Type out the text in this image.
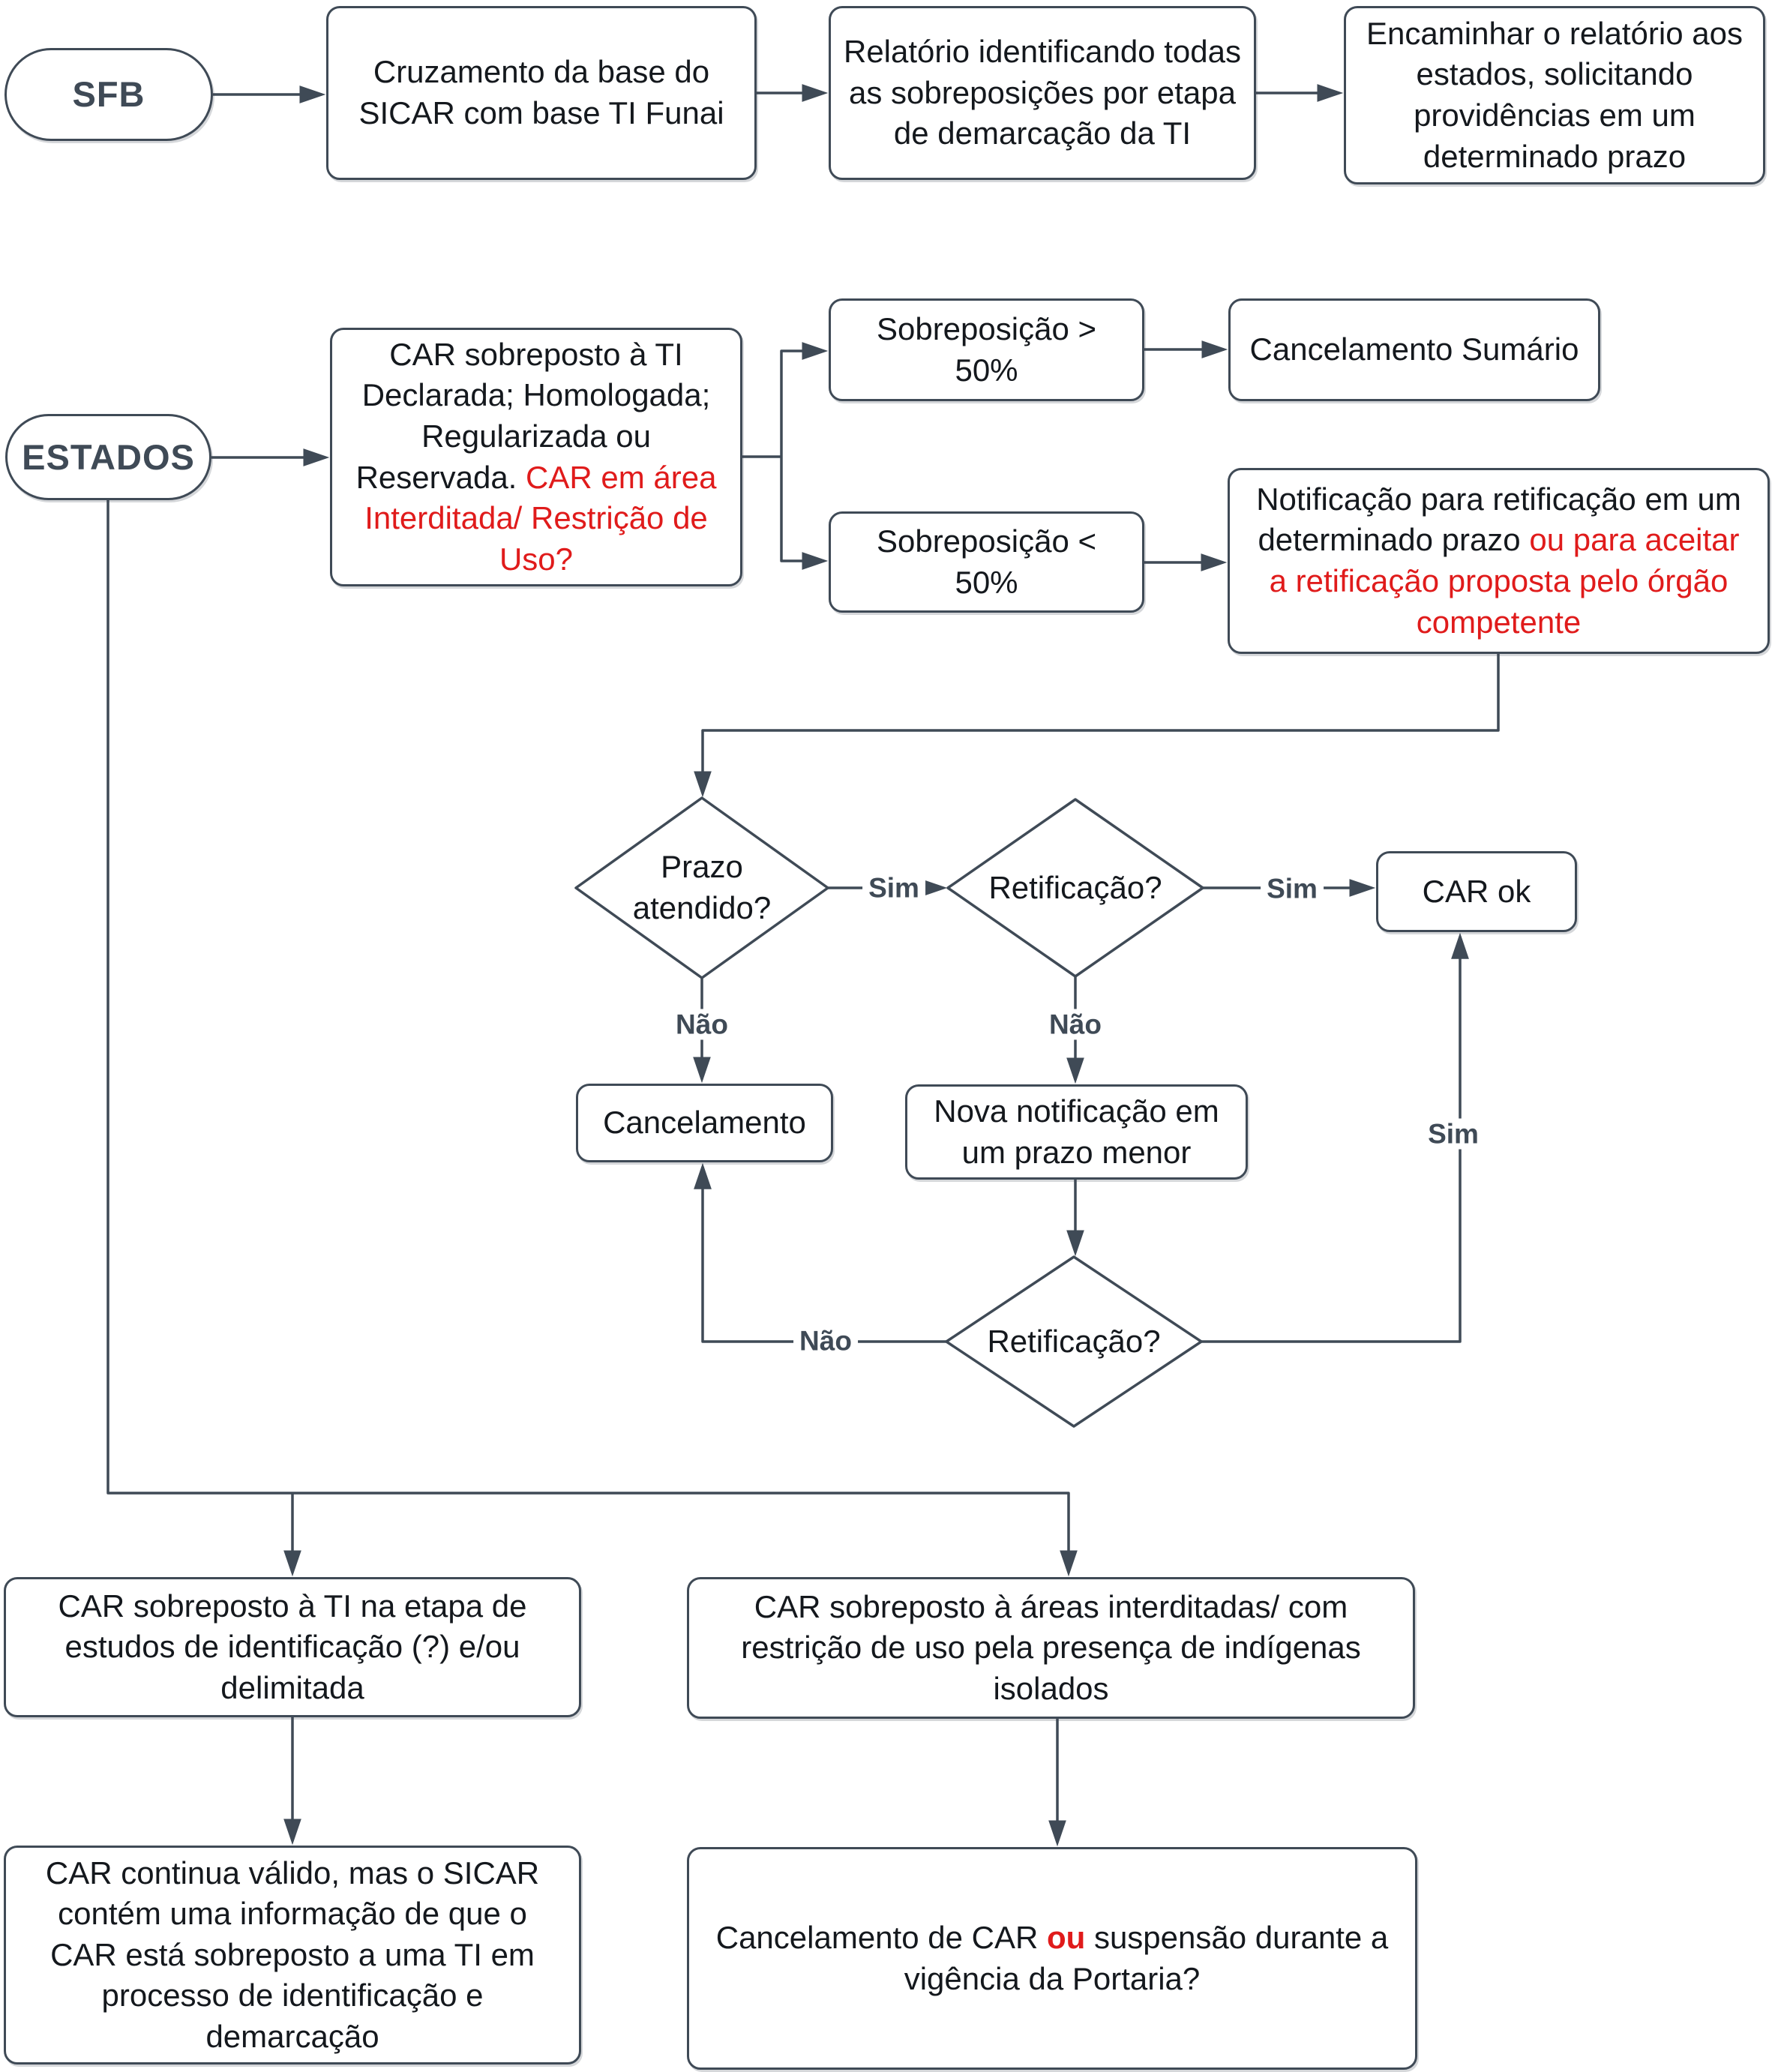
SFB
Cruzamento da base do SICAR com base TI Funai
Relatório identificando todas as sobreposições por etapa de demarcação da TI
Encaminhar o relatório aos estados, solicitando providências em um determinado prazo
ESTADOS
CAR sobreposto à TI Declarada; Homologada; Regularizada ou Reservada. CAR em área Interditada/ Restrição de Uso?
Sobreposição > 50%
Cancelamento Sumário
Sobreposição < 50%
Notificação para retificação em um determinado prazo ou para aceitar a retificação proposta pelo órgão competente
Prazo atendido?
Retificação?	CAR ok
Cancelamento	Nova notificação em um prazo menor
Retificação?
CAR sobreposto à TI na etapa de estudos de identificação (?) e/ou delimitada
CAR continua válido, mas o SICAR contém uma informação de que o CAR está sobreposto a uma TI em processo de identificação e demarcação
CAR sobreposto à áreas interditadas/ com restrição de uso pela presença de indígenas isolados
Cancelamento de CAR ou suspensão durante a vigência da Portaria?
Sim	Sim
Sim
Não	Não
Não
